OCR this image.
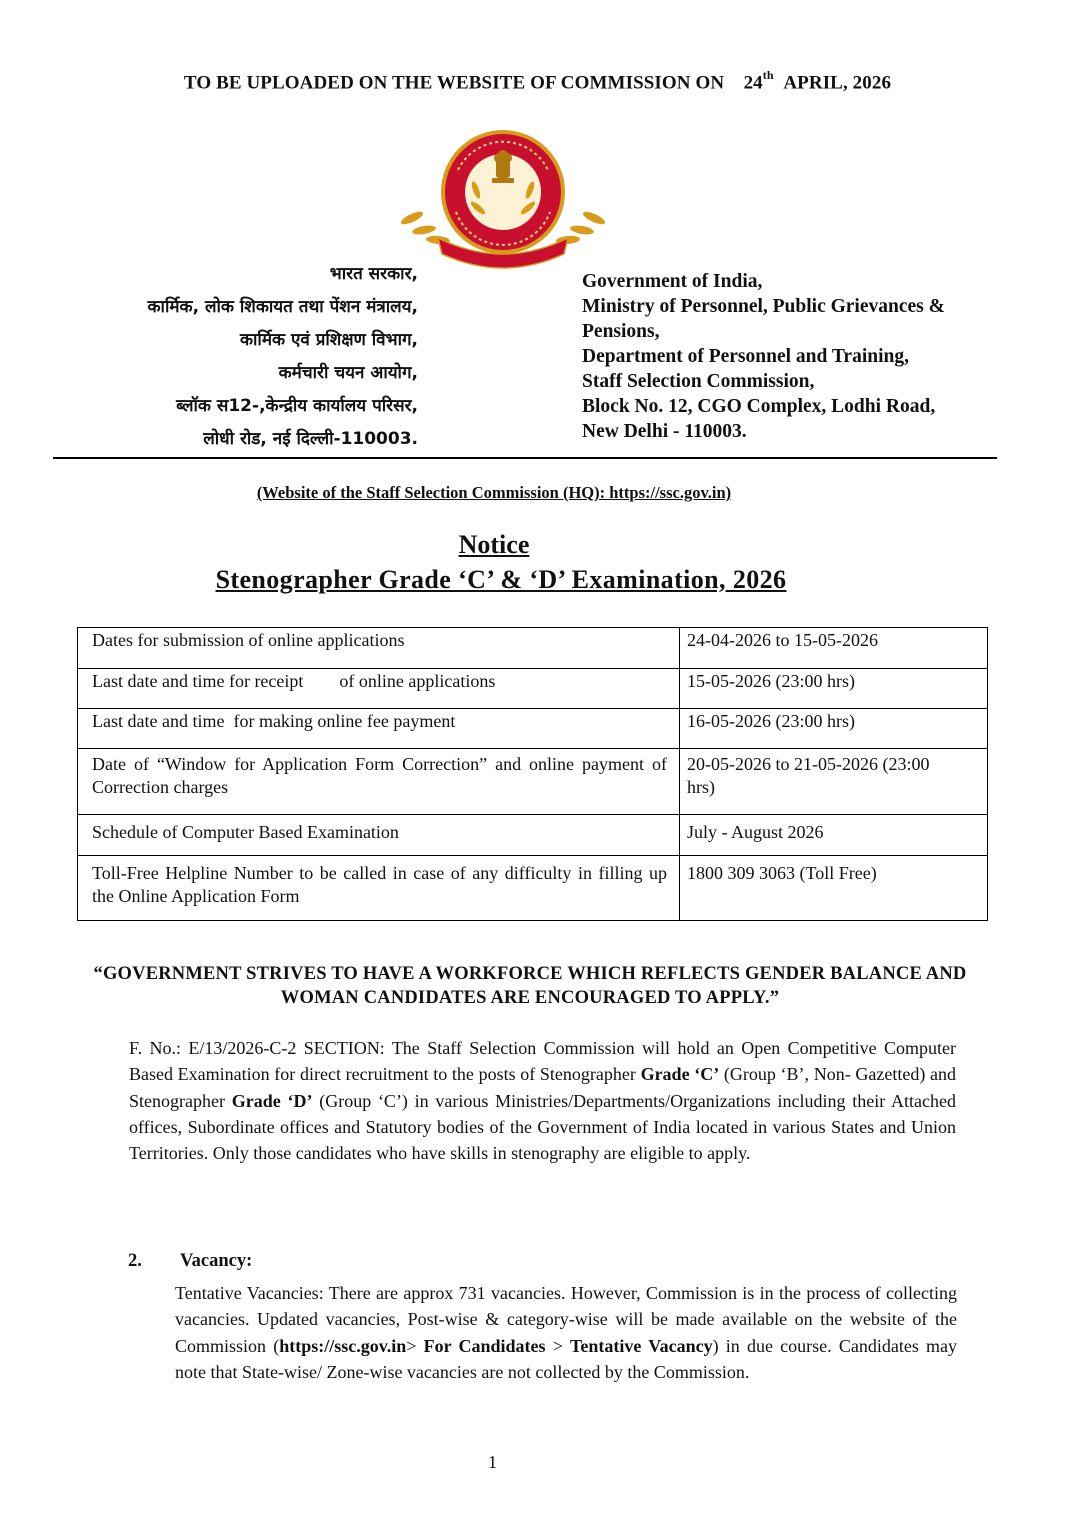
TO BE UPLOADED ON THE WEBSITE OF COMMISSION ON 24th APRIL, 2026
भारत सरकार,
कार्मिक, लोक शिकायत तथा पेंशन मंत्रालय,
कार्मिक एवं प्रशिक्षण विभाग,
कर्मचारी चयन आयोग,
ब्लॉक स12-,केन्द्रीय कार्यालय परिसर,
लोधी रोड, नई दिल्ली-110003.
Government of India,
Ministry of Personnel, Public Grievances &
Pensions,
Department of Personnel and Training,
Staff Selection Commission,
Block No. 12, CGO Complex, Lodhi Road,
New Delhi - 110003.
(Website of the Staff Selection Commission (HQ): https://ssc.gov.in)
Notice
Stenographer Grade ‘C’ & ‘D’ Examination, 2026
Dates for submission of online applications	24-04-2026 to 15-05-2026
Last date and time for receipt        of online applications	15-05-2026 (23:00 hrs)
Last date and time  for making online fee payment	16-05-2026 (23:00 hrs)
Date of “Window for Application Form Correction” and online payment of Correction charges	20-05-2026 to 21-05-2026 (23:00 hrs)
Schedule of Computer Based Examination	July - August 2026
Toll-Free Helpline Number to be called in case of any difficulty in filling up the Online Application Form	1800 309 3063 (Toll Free)
“GOVERNMENT STRIVES TO HAVE A WORKFORCE WHICH REFLECTS GENDER BALANCE AND WOMAN CANDIDATES ARE ENCOURAGED TO APPLY.”
F. No.: E/13/2026-C-2 SECTION: The Staff Selection Commission will hold an Open Competitive Computer Based Examination for direct recruitment to the posts of Stenographer Grade ‘C’ (Group ‘B’, Non- Gazetted) and Stenographer Grade ‘D’ (Group ‘C’) in various Ministries/Departments/Organizations including their Attached offices, Subordinate offices and Statutory bodies of the Government of India located in various States and Union Territories. Only those candidates who have skills in stenography are eligible to apply.
2. Vacancy:
Tentative Vacancies: There are approx 731 vacancies. However, Commission is in the process of collecting vacancies. Updated vacancies, Post-wise & category-wise will be made available on the website of the Commission (https://ssc.gov.in> For Candidates > Tentative Vacancy) in due course. Candidates may note that State-wise/ Zone-wise vacancies are not collected by the Commission.
1
